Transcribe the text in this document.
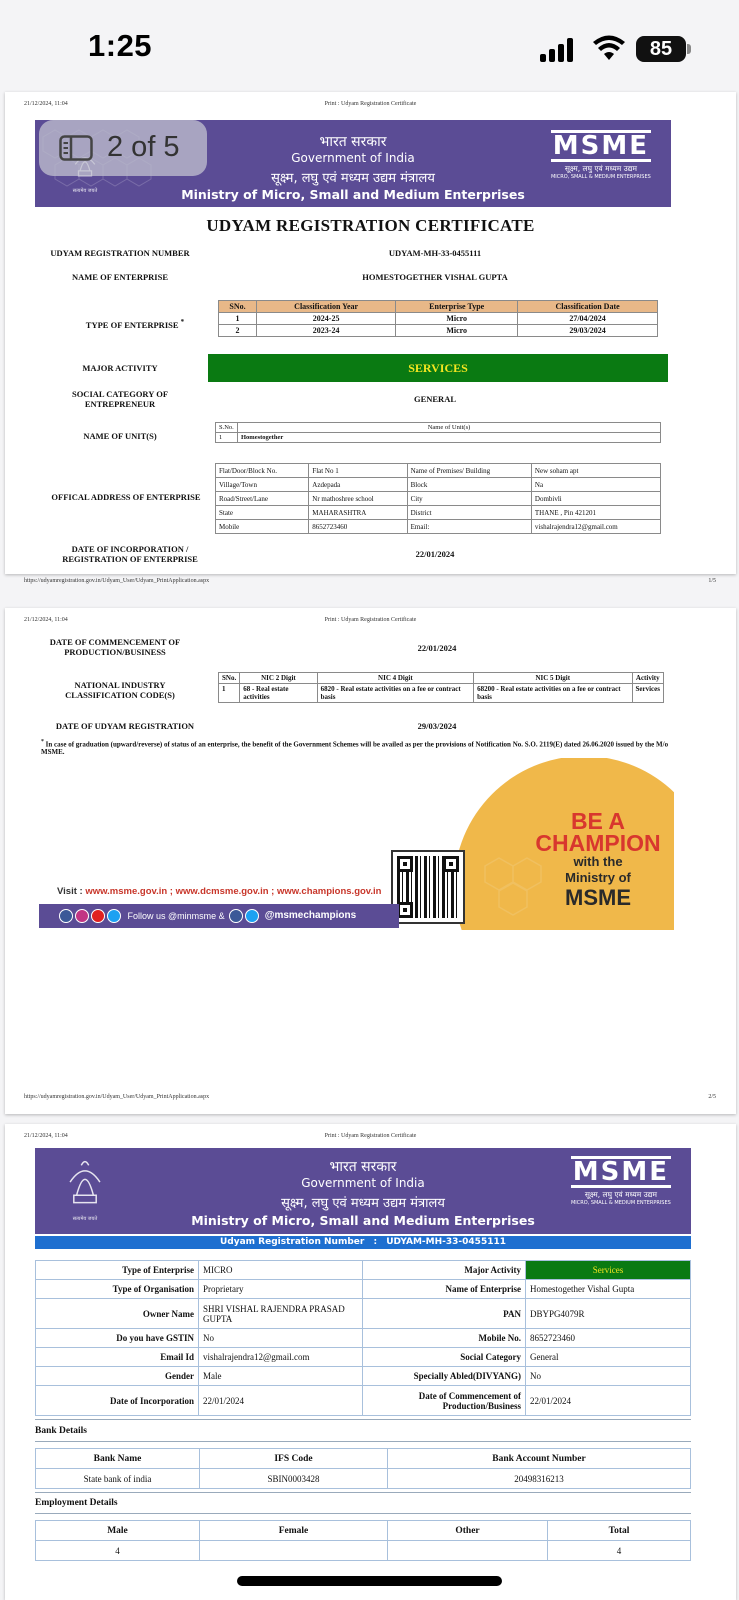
1:25	85
21/12/2024, 11:04	Print : Udyam Registration Certificate
सत्यमेव जयते
भारत सरकार
Government of India
सूक्ष्म, लघु एवं मध्यम उद्यम मंत्रालय
Ministry of Micro, Small and Medium Enterprises
MSME
सूक्ष्म, लघु एवं मध्यम उद्यम
MICRO, SMALL & MEDIUM ENTERPRISES
UDYAM REGISTRATION CERTIFICATE
UDYAM REGISTRATION NUMBER	UDYAM-MH-33-0455111
NAME OF ENTERPRISE	HOMESTOGETHER VISHAL GUPTA
TYPE OF ENTERPRISE *
SNo.	Classification Year	Enterprise Type	Classification Date
1	2024-25	Micro	27/04/2024
2	2023-24	Micro	29/03/2024
MAJOR ACTIVITY	SERVICES
SOCIAL CATEGORY OF ENTREPRENEUR	GENERAL
NAME OF UNIT(S)
S.No.	Name of Unit(s)
1	Homestogether
OFFICAL ADDRESS OF ENTERPRISE
Flat/Door/Block No.	Flat No 1	Name of Premises/ Building	New soham apt
Village/Town	Azdepada	Block	Na
Road/Street/Lane	Nr mathoshree school	City	Dombivli
State	MAHARASHTRA	District	THANE , Pin 421201
Mobile	8652723460	Email:	vishalrajendra12@gmail.com
DATE OF INCORPORATION / REGISTRATION OF ENTERPRISE	22/01/2024
https://udyamregistration.gov.in/Udyam_User/Udyam_PrintApplication.aspx	1/5
2 of 5
21/12/2024, 11:04	Print : Udyam Registration Certificate
DATE OF COMMENCEMENT OF PRODUCTION/BUSINESS	22/01/2024
NATIONAL INDUSTRY CLASSIFICATION CODE(S)
SNo.	NIC 2 Digit	NIC 4 Digit	NIC 5 Digit	Activity
1	68 - Real estate activities	6820 - Real estate activities on a fee or contract basis	68200 - Real estate activities on a fee or contract basis	Services
DATE OF UDYAM REGISTRATION	29/03/2024
* In case of graduation (upward/reverse) of status of an enterprise, the benefit of the Government Schemes will be availed as per the provisions of Notification No. S.O. 2119(E) dated 26.06.2020 issued by the M/o MSME.
BE A
CHAMPION
with the
Ministry of
MSME
Visit : www.msme.gov.in ; www.dcmsme.gov.in ; www.champions.gov.in
Follow us @minmsme &	@msmechampions
https://udyamregistration.gov.in/Udyam_User/Udyam_PrintApplication.aspx	2/5
21/12/2024, 11:04	Print : Udyam Registration Certificate
सत्यमेव जयते
भारत सरकार
Government of India
सूक्ष्म, लघु एवं मध्यम उद्यम मंत्रालय
Ministry of Micro, Small and Medium Enterprises
MSME
सूक्ष्म, लघु एवं मध्यम उद्यम
MICRO, SMALL & MEDIUM ENTERPRISES
Udyam Registration Number : UDYAM-MH-33-0455111
Type of Enterprise	MICRO	Major Activity	Services
Type of Organisation	Proprietary	Name of Enterprise	Homestogether Vishal Gupta
Owner Name	SHRI VISHAL RAJENDRA PRASAD GUPTA	PAN	DBYPG4079R
Do you have GSTIN	No	Mobile No.	8652723460
Email Id	vishalrajendra12@gmail.com	Social Category	General
Gender	Male	Specially Abled(DIVYANG)	No
Date of Incorporation	22/01/2024	Date of Commencement of Production/Business	22/01/2024
Bank Details
Bank Name	IFS Code	Bank Account Number
State bank of india	SBIN0003428	20498316213
Employment Details
Male	Female	Other	Total
4			4
